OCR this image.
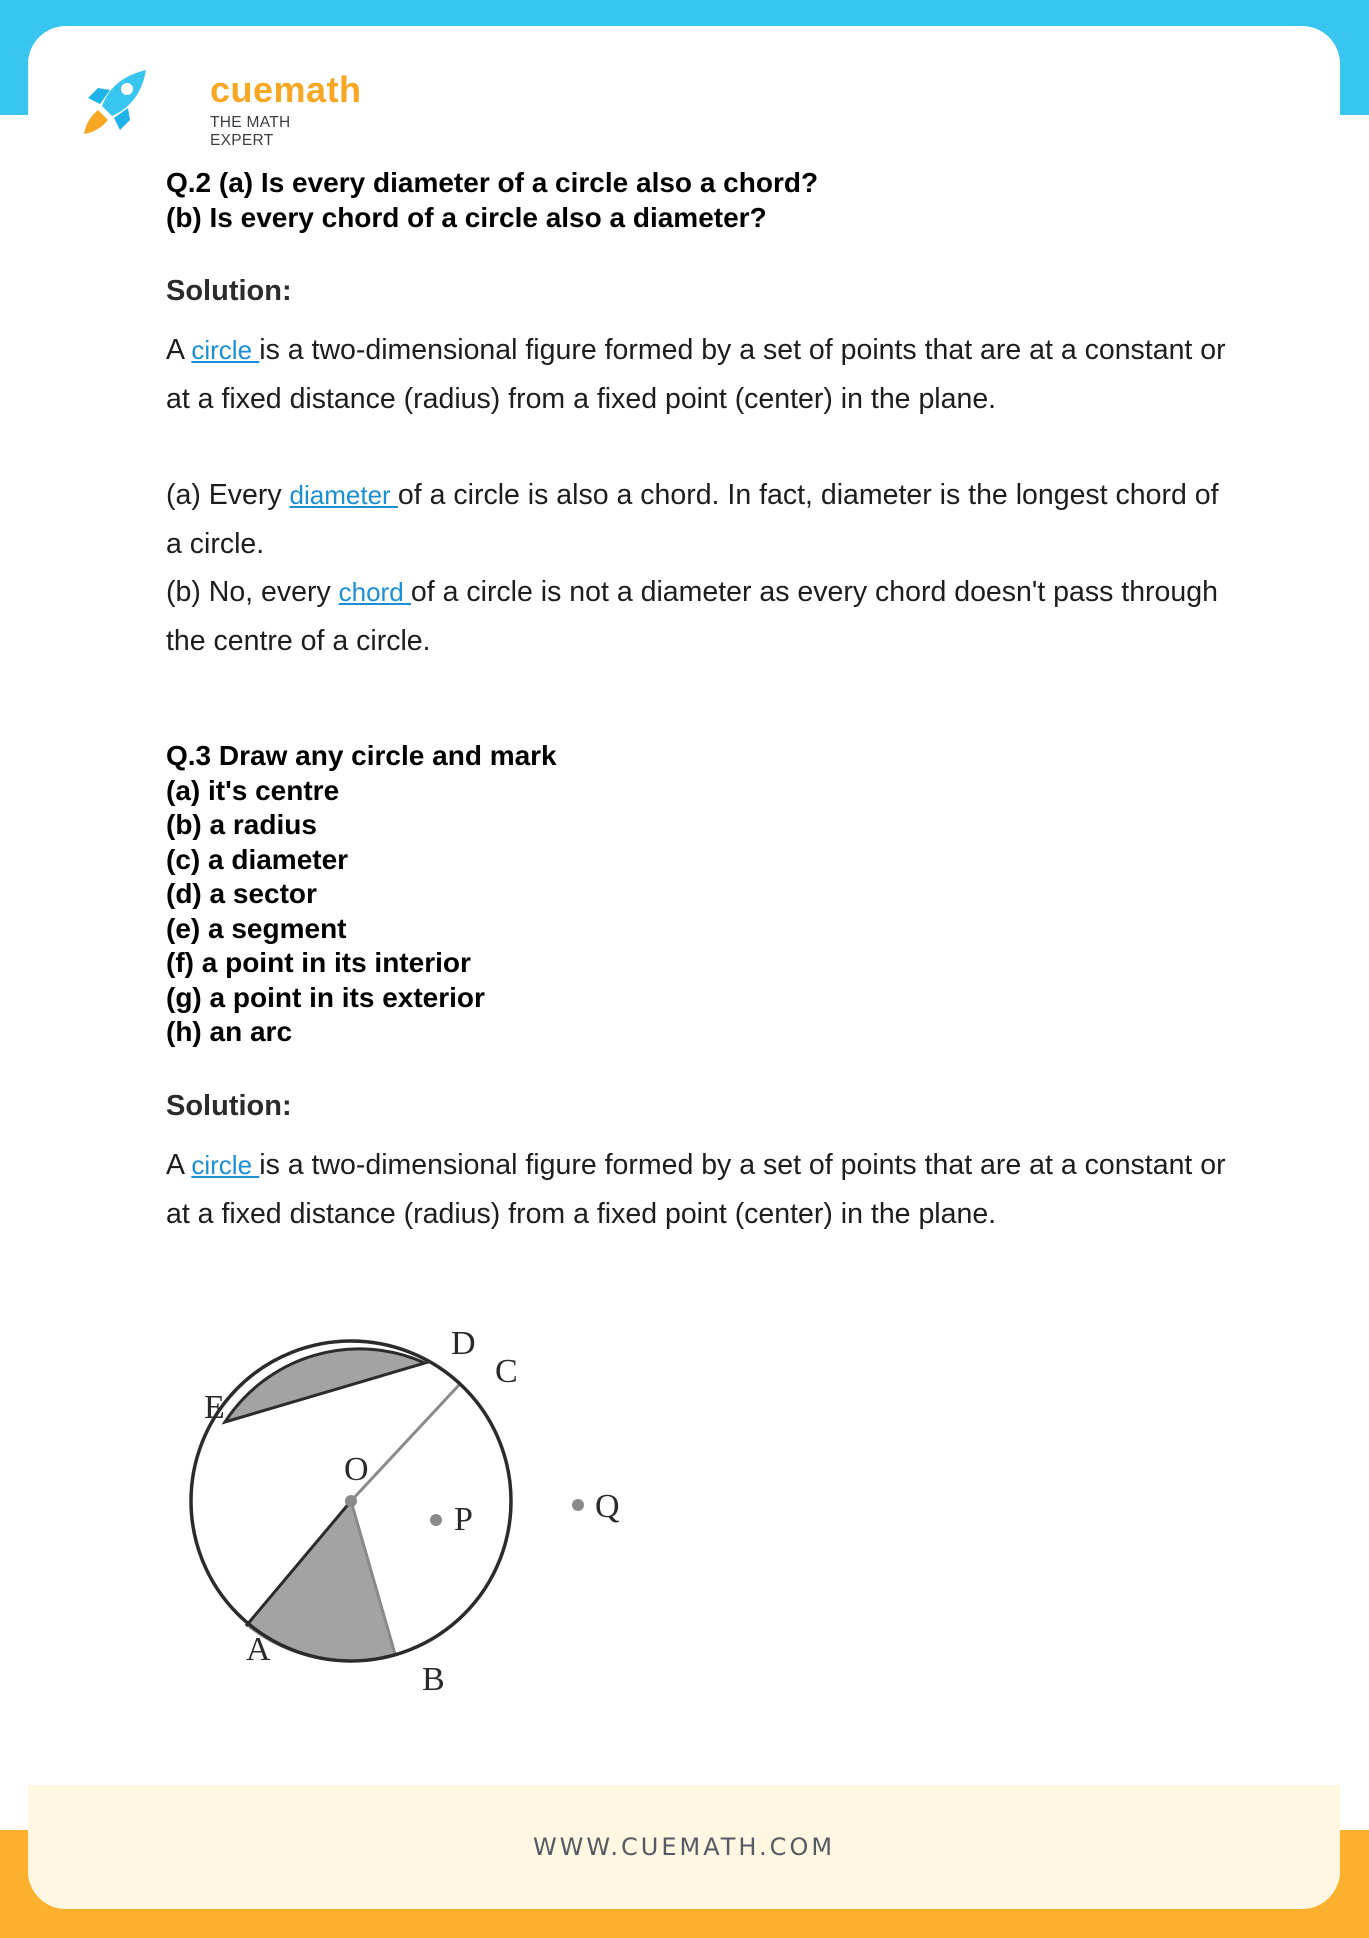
cuemath
THE MATH EXPERT

Q.2 (a) Is every diameter of a circle also a chord?

(b) Is every chord of a circle also a diameter?

Solution:

A circle is a two-dimensional figure formed by a set of points that are at a constant or at a fixed distance (radius) from a fixed point (center) in the plane.

(a) Every diameter of a circle is also a chord. In fact, diameter is the longest chord of a circle.

(b) No, every chord of a circle is not a diameter as every chord doesn't pass through the centre of a circle.

Q.3 Draw any circle and mark

(a) it's centre

(b) a radius

(c) a diameter

(d) a sector

(e) a segment

(f) a point in its interior

(g) a point in its exterior

(h) an arc

Solution:

A circle is a two-dimensional figure formed by a set of points that are at a constant or at a fixed distance (radius) from a fixed point (center) in the plane.

D
C
E
O
P	Q
A
B
WWW.CUEMATH.COM
